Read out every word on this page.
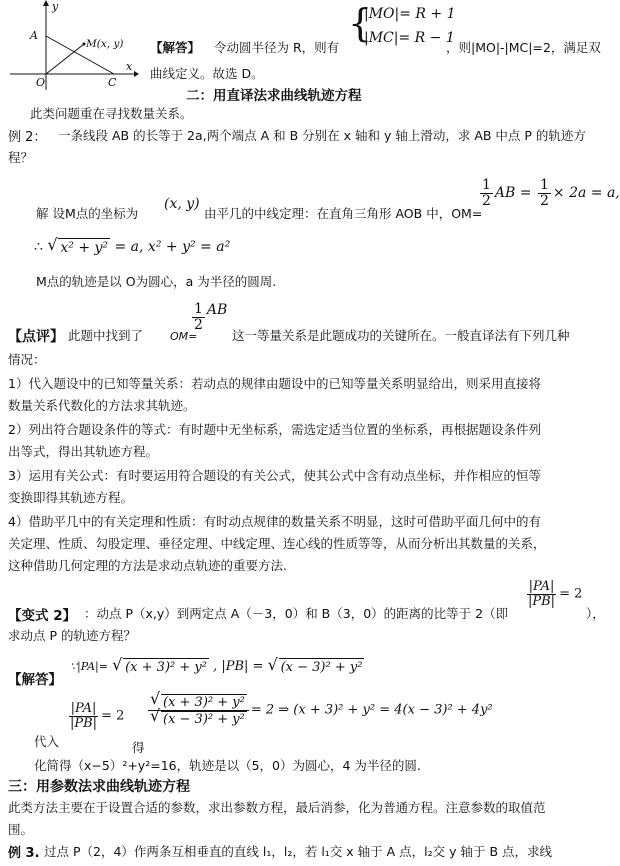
y
A
M(x, y)
O	C
x
【解答】 令动圆半径为 R，则有
{
|MO|= R + 1
|MC|= R − 1
，则|MO|-|MC|=2，满足双
曲线定义。故选 D。
二：用直译法求曲线轨迹方程
此类问题重在寻找数量关系。
例 2： 一条线段 AB 的长等于 2a,两个端点 A 和 B 分别在 x 轴和 y 轴上滑动，求 AB 中点 P 的轨迹方
程？
解 设M点的坐标为
(x, y)
由平几的中线定理：在直角三角形 AOB 中，OM=
$\frac{1}{2}$ AB = $\frac{1}{2} \times 2a = a$,
∴ √ x² + y² = a, x² + y² = a²
M点的轨迹是以 O为圆心，a 为半径的圆周.
【点评】 此题中找到了 OM=
$\frac{1}{2}$ AB
这一等量关系是此题成功的关键所在。一般直译法有下列几种
情况：
1）代入题设中的已知等量关系：若动点的规律由题设中的已知等量关系明显给出，则采用直接将
数量关系代数化的方法求其轨迹。
2）列出符合题设条件的等式：有时题中无坐标系，需选定适当位置的坐标系，再根据题设条件列
出等式，得出其轨迹方程。
3）运用有关公式：有时要运用符合题设的有关公式，使其公式中含有动点坐标，并作相应的恒等
变换即得其轨迹方程。
4）借助平几中的有关定理和性质：有时动点规律的数量关系不明显，这时可借助平面几何中的有
关定理、性质、勾股定理、垂径定理、中线定理、连心线的性质等等，从而分析出其数量的关系，
这种借助几何定理的方法是求动点轨迹的重要方法.
【变式 2】 ：动点 P（x,y）到两定点 A（－3，0）和 B（3，0）的距离的比等于 2（即
$\frac{|PA|}{|PB|} = 2$
），
求动点 P 的轨迹方程？
【解答】
∵|PA|= √ (x + 3)² + y² , |PB| = √ (x − 3)² + y²
$\frac{|PA|}{|PB|} = 2$
代入	得
√ (x + 3)² + y²
√ (x − 3)² + y² = 2 ⇒ (x + 3)² + y² = 4(x − 3)² + 4y²
化简得（x−5）²+y²=16，轨迹是以（5，0）为圆心，4 为半径的圆.
三：用参数法求曲线轨迹方程
此类方法主要在于设置合适的参数，求出参数方程，最后消参，化为普通方程。注意参数的取值范
围。
例 3. 过点 P（2，4）作两条互相垂直的直线 l₁，l₂，若 l₁交 x 轴于 A 点，l₂交 y 轴于 B 点，求线
